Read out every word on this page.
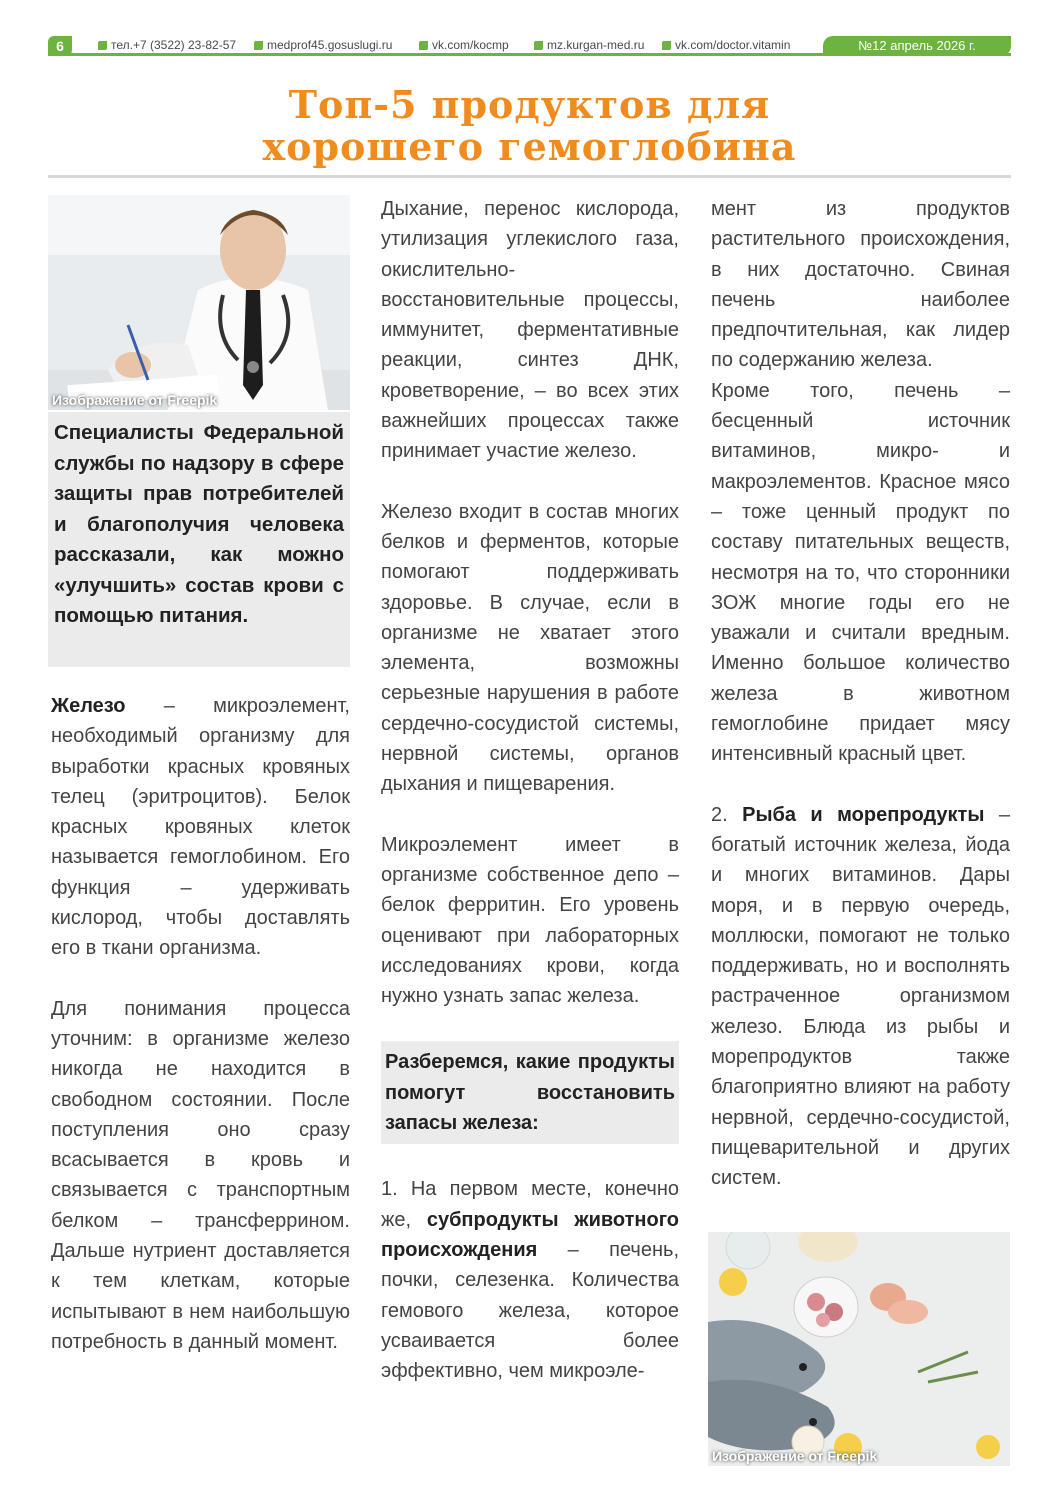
6	тел.+7 (3522) 23-82-57	medprof45.gosuslugi.ru	vk.com/kocmp	mz.kurgan-med.ru	vk.com/doctor.vitamin	№12 апрель 2026 г.
Топ-5 продуктов для
хорошего гемоглобина
Изображение от Freepik
Специалисты Федеральной службы по надзору в сфере защиты прав потребителей и благополучия человека рассказали, как можно «улучшить» состав крови с помощью питания.

Железо – микроэлемент, необходимый организму для выработки красных кровяных телец (эритроцитов). Белок красных кровяных клеток называется гемоглобином. Его функция – удерживать кислород, чтобы доставлять его в ткани организма.

Для понимания процесса уточним: в организме железо никогда не находится в свободном состоянии. После поступления оно сразу всасывается в кровь и связывается с транспортным белком – трансферрином. Дальше нутриент доставляется к тем клеткам, которые испытывают в нем наибольшую потребность в данный момент.

Дыхание, перенос кислорода, утилизация углекислого газа, окислительно-восстановительные процессы, иммунитет, ферментативные реакции, синтез ДНК, кроветворение, – во всех этих важнейших процессах также принимает участие железо.

Железо входит в состав многих белков и ферментов, которые помогают поддерживать здоровье. В случае, если в организме не хватает этого элемента, возможны серьезные нарушения в работе сердечно-сосудистой системы, нервной системы, органов дыхания и пищеварения.

Микроэлемент имеет в организме собственное депо – белок ферритин. Его уровень оценивают при лабораторных исследованиях крови, когда нужно узнать запас железа.

Разберемся, какие продукты помогут восстановить запасы железа:

1. На первом месте, конечно же, субпродукты животного происхождения – печень, почки, селезенка. Количества гемового железа, которое усваивается более эффективно, чем микроэле-

мент из продуктов растительного происхождения, в них достаточно. Свиная печень наиболее предпочтительная, как лидер по содержанию железа.

Кроме того, печень – бесценный источник витаминов, микро- и макроэлементов. Красное мясо – тоже ценный продукт по составу питательных веществ, несмотря на то, что сторонники ЗОЖ многие годы его не уважали и считали вредным. Именно большое количество железа в животном гемоглобине придает мясу интенсивный красный цвет.

2. Рыба и морепродукты – богатый источник железа, йода и многих витаминов. Дары моря, и в первую очередь, моллюски, помогают не только поддерживать, но и восполнять растраченное организмом железо. Блюда из рыбы и морепродуктов также благоприятно влияют на работу нервной, сердечно-сосудистой, пищеварительной и других систем.

Изображение от Freepik
